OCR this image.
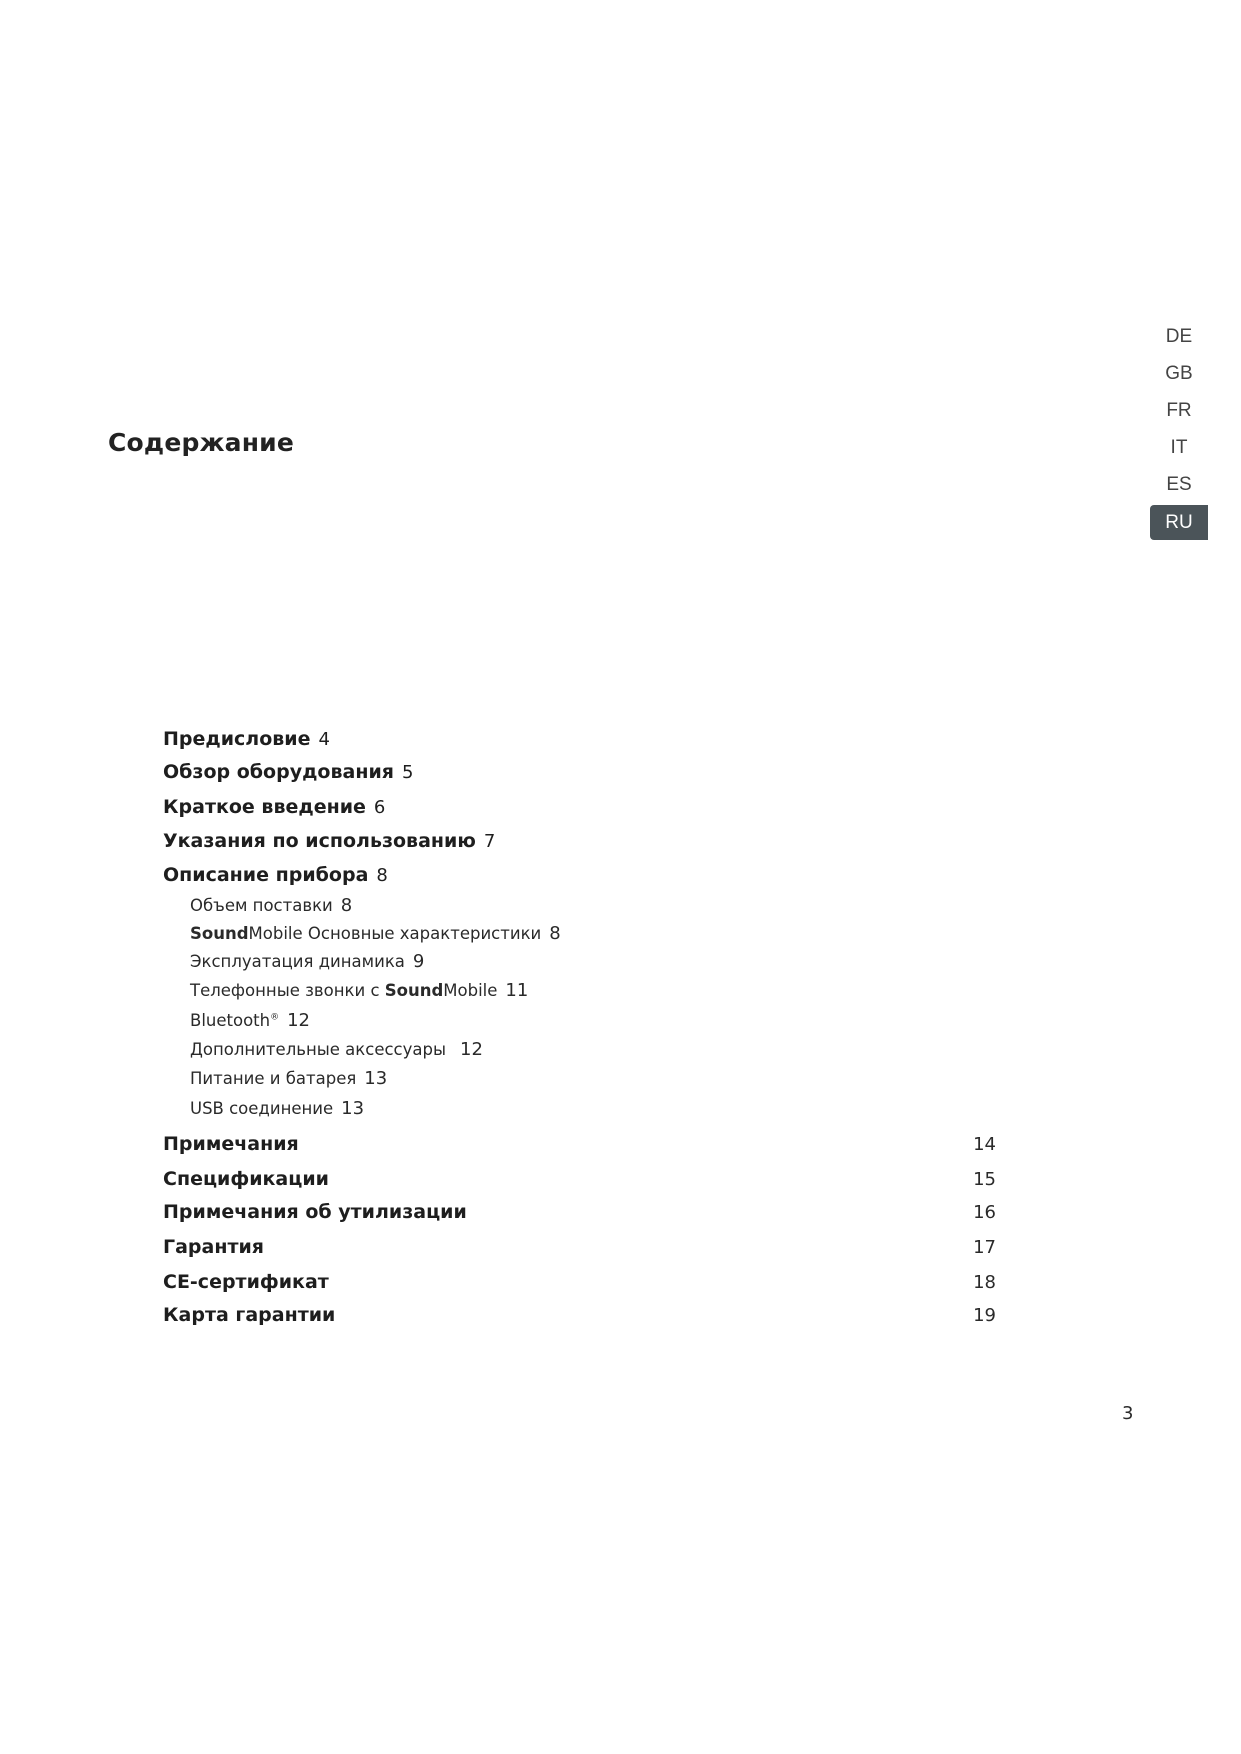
Содержание
DE
GB
FR
IT
ES
RU
Предисловие 4
Обзор оборудования 5
Краткое введение 6
Указания по использованию 7
Описание прибора 8
Объем поставки 8
SoundMobile Основные характеристики 8
Эксплуатация динамика 9
Телефонные звонки с SoundMobile 11
Bluetooth® 12
Дополнительные аксессуары 12
Питание и батарея 13
USB соединение 13
Примечания	14
Спецификации	15
Примечания об утилизации	16
Гарантия	17
CE-сертификат	18
Карта гарантии	19
3
